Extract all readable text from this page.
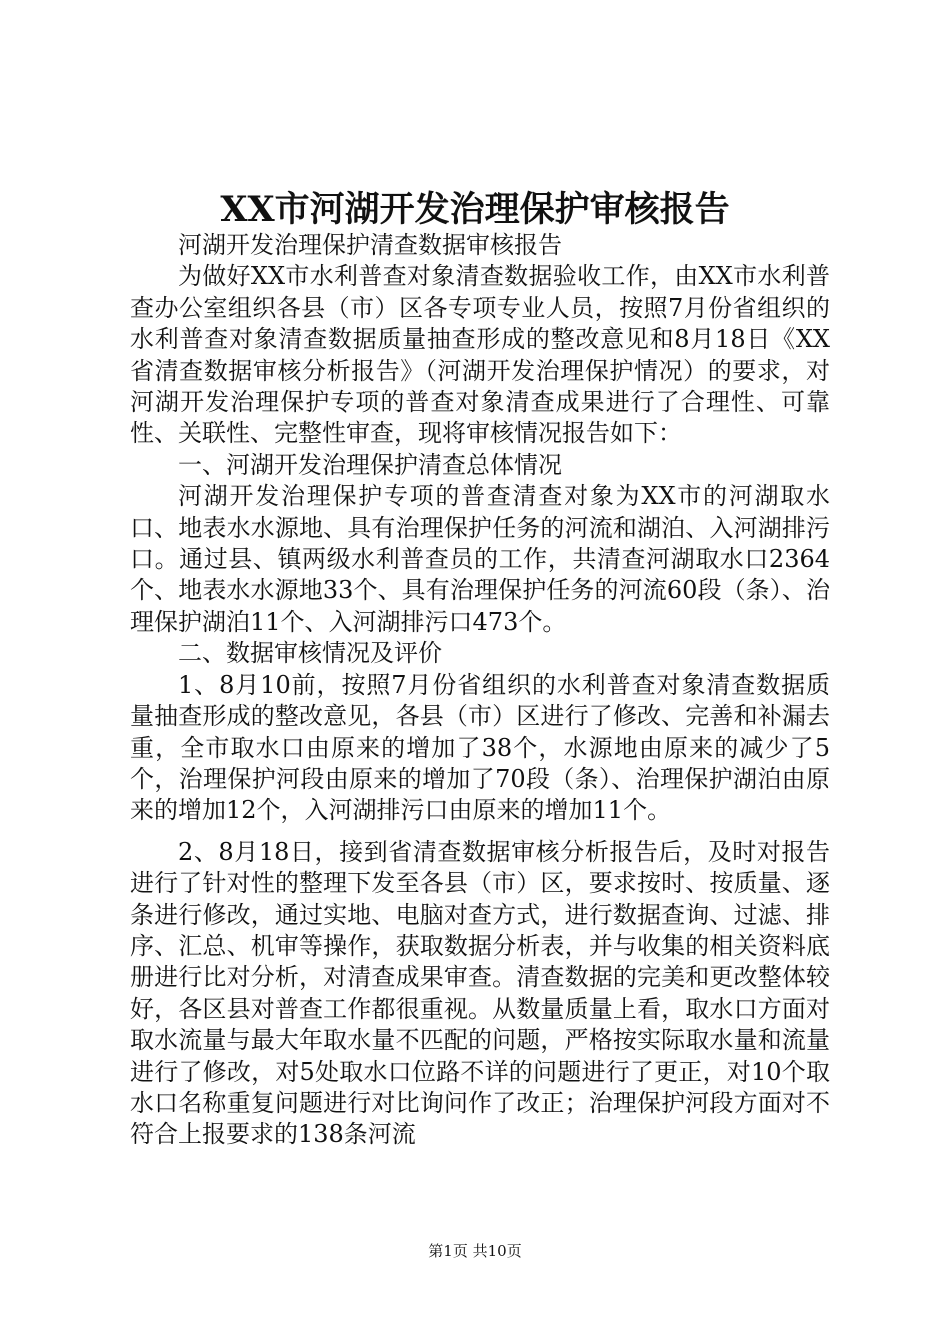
XX市河湖开发治理保护审核报告

河湖开发治理保护清查数据审核报告

为做好XX市水利普查对象清查数据验收工作，由XX市水利普查办公室组织各县（市）区各专项专业人员，按照7月份省组织的水利普查对象清查数据质量抽查形成的整改意见和8月18日《XX省清查数据审核分析报告》（河湖开发治理保护情况）的要求，对河湖开发治理保护专项的普查对象清查成果进行了合理性、可靠性、关联性、完整性审查，现将审核情况报告如下：

一、河湖开发治理保护清查总体情况

河湖开发治理保护专项的普查清查对象为XX市的河湖取水口、地表水水源地、具有治理保护任务的河流和湖泊、入河湖排污口。通过县、镇两级水利普查员的工作，共清查河湖取水口2364个、地表水水源地33个、具有治理保护任务的河流60段（条）、治理保护湖泊11个、入河湖排污口473个。

二、数据审核情况及评价

1、8月10前，按照7月份省组织的水利普查对象清查数据质量抽查形成的整改意见，各县（市）区进行了修改、完善和补漏去重，全市取水口由原来的增加了38个，水源地由原来的减少了5个，治理保护河段由原来的增加了70段（条）、治理保护湖泊由原来的增加12个，入河湖排污口由原来的增加11个。

2、8月18日，接到省清查数据审核分析报告后，及时对报告进行了针对性的整理下发至各县（市）区，要求按时、按质量、逐条进行修改，通过实地、电脑对查方式，进行数据查询、过滤、排序、汇总、机审等操作，获取数据分析表，并与收集的相关资料底册进行比对分析，对清查成果审查。清查数据的完美和更改整体较好，各区县对普查工作都很重视。从数量质量上看，取水口方面对取水流量与最大年取水量不匹配的问题，严格按实际取水量和流量进行了修改，对5处取水口位路不详的问题进行了更正，对10个取水口名称重复问题进行对比询问作了改正；治理保护河段方面对不符合上报要求的138条河流

第1页 共10页
